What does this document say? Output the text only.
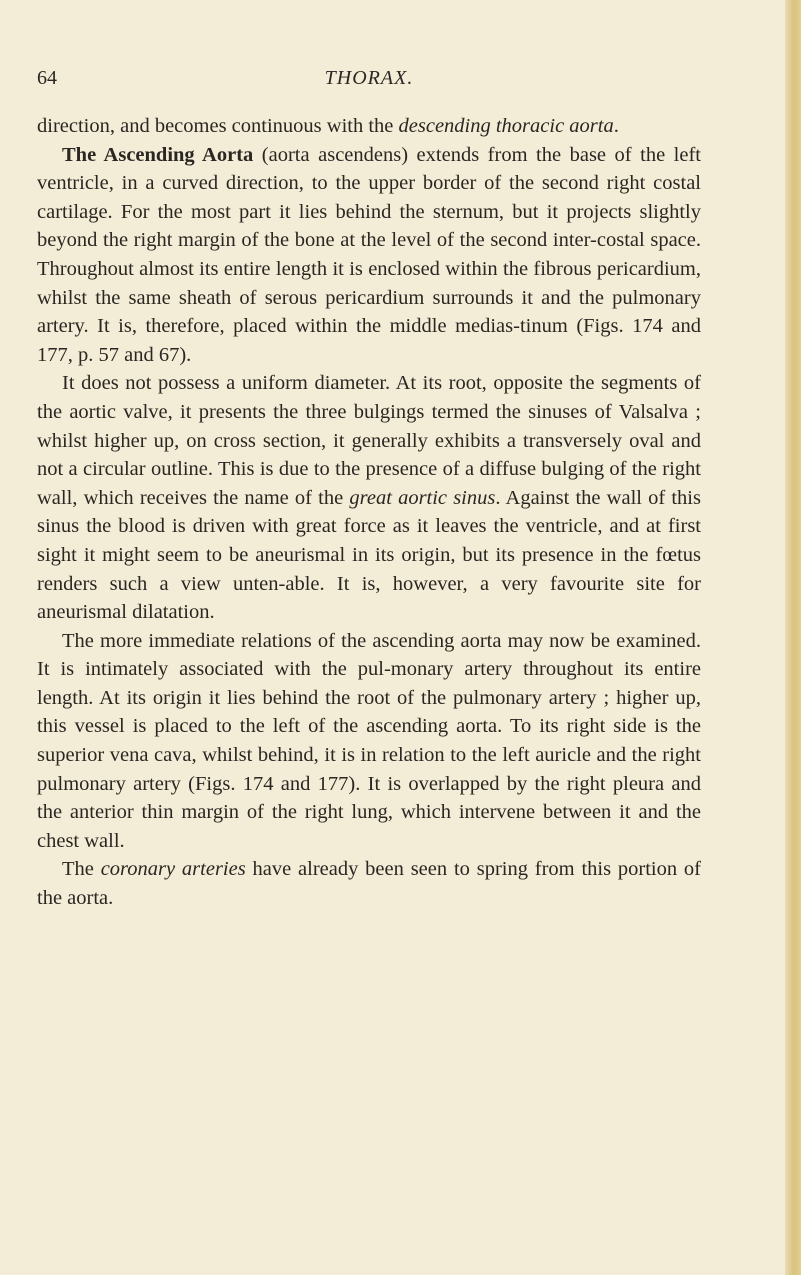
64	THORAX.

direction, and becomes continuous with the descending thoracic aorta.

The Ascending Aorta (aorta ascendens) extends from the base of the left ventricle, in a curved direction, to the upper border of the second right costal cartilage. For the most part it lies behind the sternum, but it projects slightly beyond the right margin of the bone at the level of the second inter-costal space. Throughout almost its entire length it is enclosed within the fibrous pericardium, whilst the same sheath of serous pericardium surrounds it and the pulmonary artery. It is, therefore, placed within the middle medias-tinum (Figs. 174 and 177, p. 57 and 67).

It does not possess a uniform diameter. At its root, opposite the segments of the aortic valve, it presents the three bulgings termed the sinuses of Valsalva ; whilst higher up, on cross section, it generally exhibits a transversely oval and not a circular outline. This is due to the presence of a diffuse bulging of the right wall, which receives the name of the great aortic sinus. Against the wall of this sinus the blood is driven with great force as it leaves the ventricle, and at first sight it might seem to be aneurismal in its origin, but its presence in the fœtus renders such a view unten-able. It is, however, a very favourite site for aneurismal dilatation.

The more immediate relations of the ascending aorta may now be examined. It is intimately associated with the pul-monary artery throughout its entire length. At its origin it lies behind the root of the pulmonary artery ; higher up, this vessel is placed to the left of the ascending aorta. To its right side is the superior vena cava, whilst behind, it is in relation to the left auricle and the right pulmonary artery (Figs. 174 and 177). It is overlapped by the right pleura and the anterior thin margin of the right lung, which intervene between it and the chest wall.

The coronary arteries have already been seen to spring from this portion of the aorta.
